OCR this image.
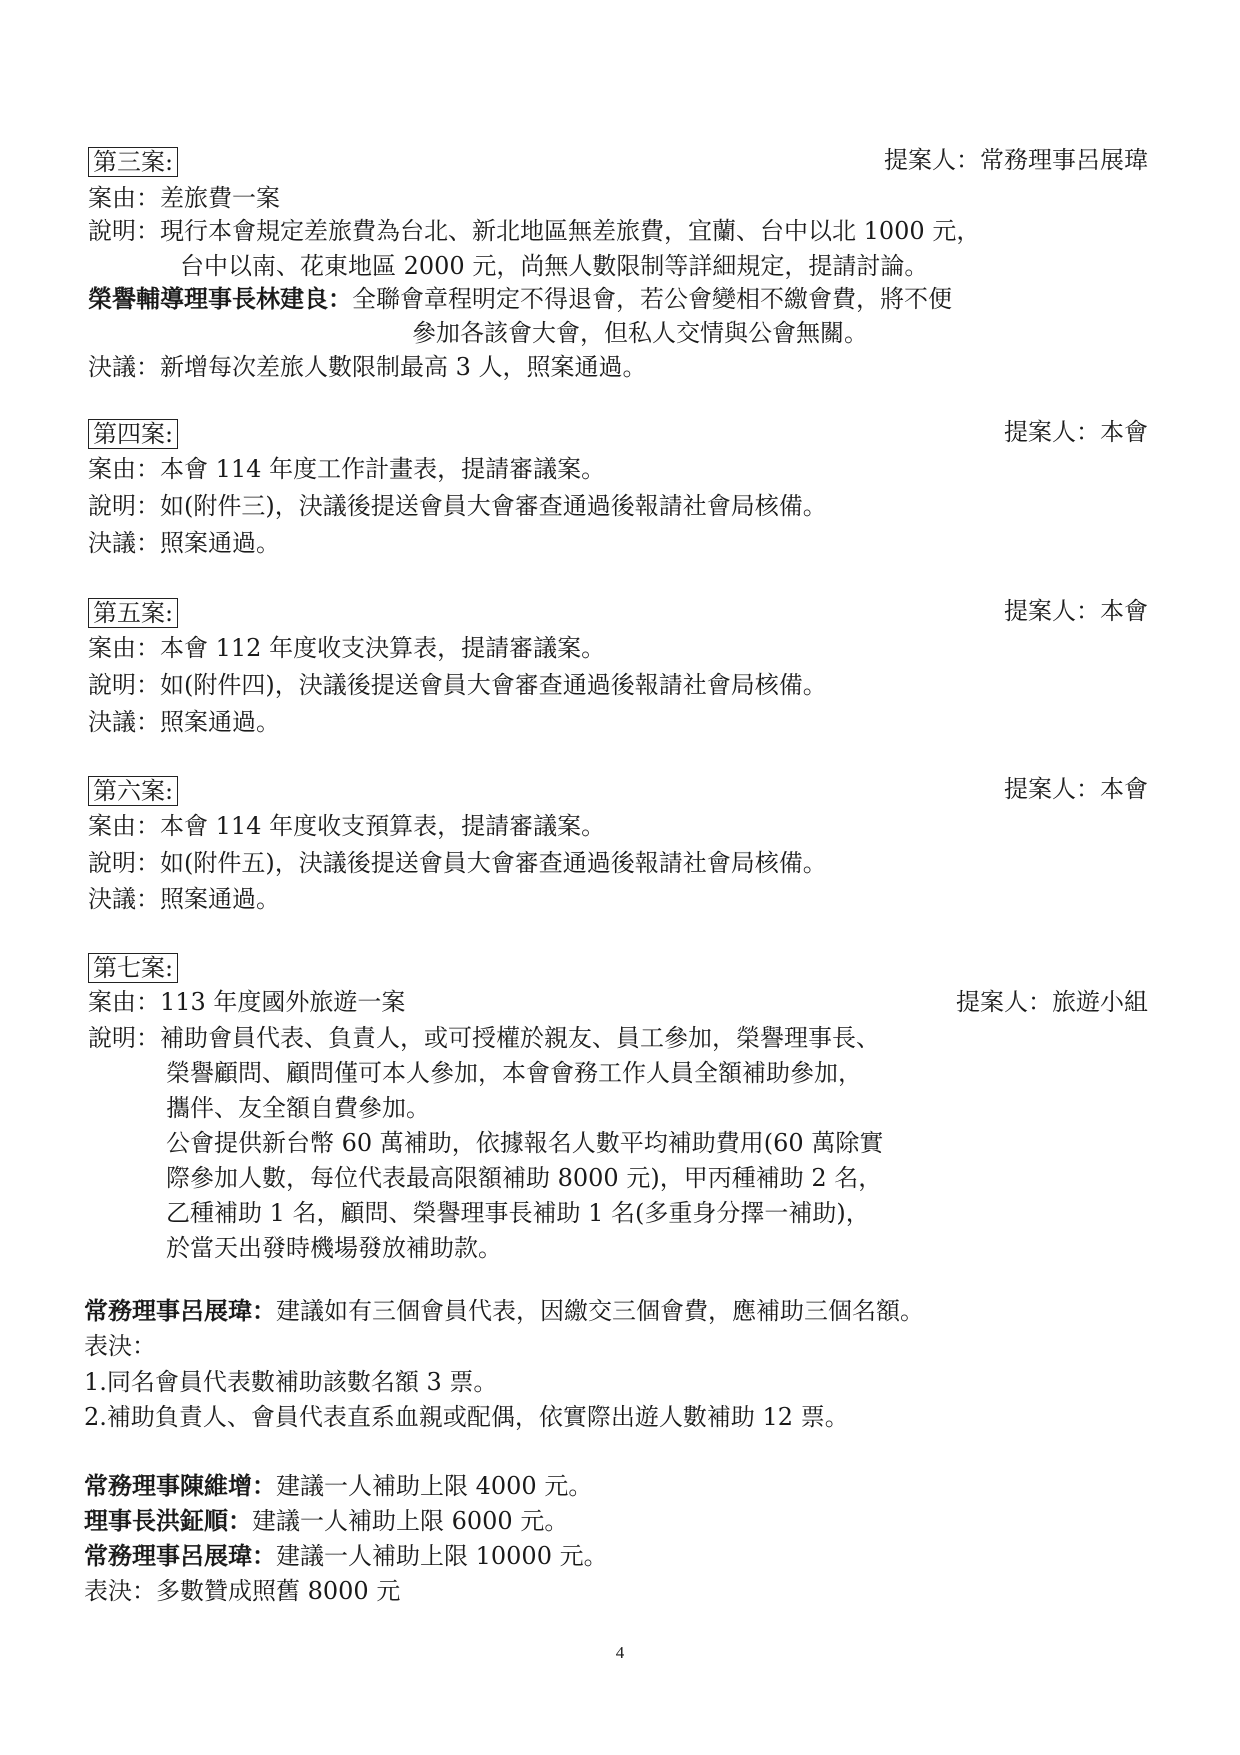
第三案:	提案人：常務理事呂展瑋
案由：差旅費一案
說明：現行本會規定差旅費為台北、新北地區無差旅費，宜蘭、台中以北 1000 元，
台中以南、花東地區 2000 元，尚無人數限制等詳細規定，提請討論。
榮譽輔導理事長林建良：全聯會章程明定不得退會，若公會變相不繳會費，將不便
參加各該會大會，但私人交情與公會無關。
決議：新增每次差旅人數限制最高 3 人，照案通過。
第四案:	提案人：本會
案由：本會 114 年度工作計畫表，提請審議案。
說明：如(附件三)，決議後提送會員大會審查通過後報請社會局核備。
決議：照案通過。
第五案:	提案人：本會
案由：本會 112 年度收支決算表，提請審議案。
說明：如(附件四)，決議後提送會員大會審查通過後報請社會局核備。
決議：照案通過。
第六案:	提案人：本會
案由：本會 114 年度收支預算表，提請審議案。
說明：如(附件五)，決議後提送會員大會審查通過後報請社會局核備。
決議：照案通過。
第七案:
案由：113 年度國外旅遊一案	提案人：旅遊小組
說明：補助會員代表、負責人，或可授權於親友、員工參加，榮譽理事長、
榮譽顧問、顧問僅可本人參加，本會會務工作人員全額補助參加，
攜伴、友全額自費參加。
公會提供新台幣 60 萬補助，依據報名人數平均補助費用(60 萬除實
際參加人數，每位代表最高限額補助 8000 元)，甲丙種補助 2 名，
乙種補助 1 名，顧問、榮譽理事長補助 1 名(多重身分擇一補助)，
於當天出發時機場發放補助款。
常務理事呂展瑋：建議如有三個會員代表，因繳交三個會費，應補助三個名額。
表決：
1.同名會員代表數補助該數名額 3 票。
2.補助負責人、會員代表直系血親或配偶，依實際出遊人數補助 12 票。
常務理事陳維增：建議一人補助上限 4000 元。
理事長洪鉦順：建議一人補助上限 6000 元。
常務理事呂展瑋：建議一人補助上限 10000 元。
表決：多數贊成照舊 8000 元
4
